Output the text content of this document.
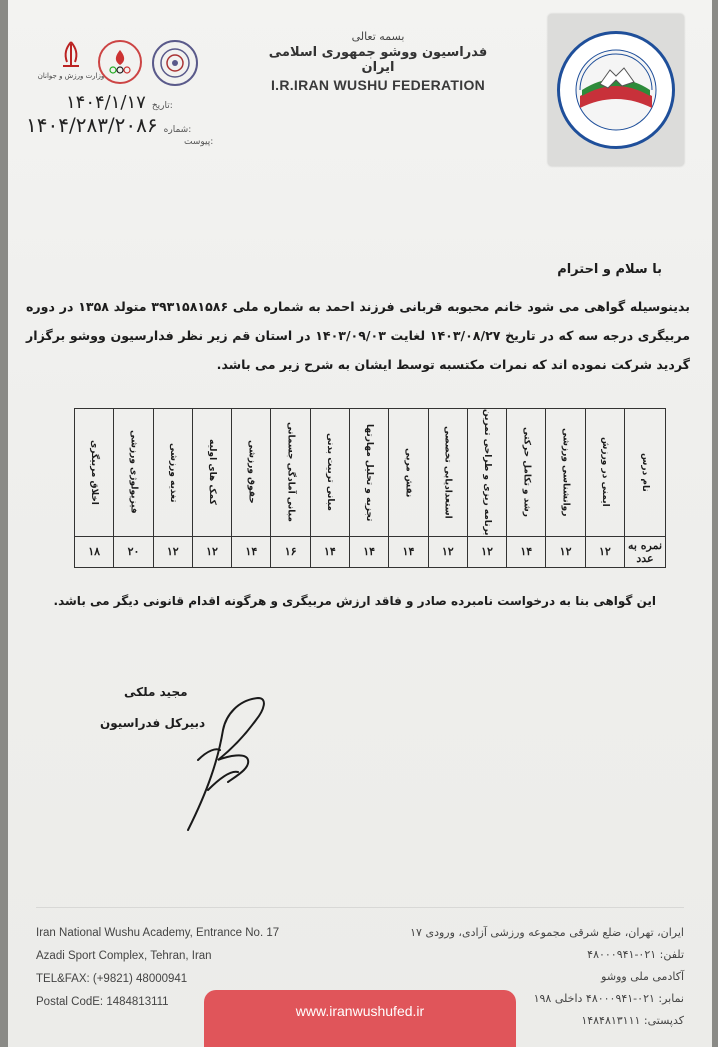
وزارت ورزش و جوانان
بسمه تعالی
فدراسیون ووشو جمهوری اسلامی ایران
I.R.IRAN WUSHU FEDERATION
۱۴۰۴/۱/۱۷ تاریخ:
۱۴۰۴/۲۸۳/۲۰۸۶ شماره:
پیوست:
با سلام و احترام
بدینوسیله گواهی می شود خانم محبوبه قربانی فرزند احمد به شماره ملی ۳۹۳۱۵۸۱۵۸۶ متولد ۱۳۵۸ در دوره مربیگری درجه سه که در تاریخ ۱۴۰۳/۰۸/۲۷ لغایت ۱۴۰۳/۰۹/۰۳ در استان قم زیر نظر فدارسیون ووشو برگزار گردید شرکت نموده اند که نمرات مکتسبه توسط ایشان به شرح زیر می باشد.
نام درس	ایمنی در ورزش	روانشناسی ورزشی	رشد و تکامل حرکتی	برنامه ریزی و طراحی تمرین	استعدادیابی تخصصی	نقش مربی	تجزیه و تحلیل مهارتها	مبانی تربیت بدنی	مبانی آمادگی جسمانی	حقوق ورزشی	کمک های اولیه	تغذیه ورزشی	فیزیولوژی ورزشی	اخلاق مربیگری

نمره به عدد	۱۲	۱۲	۱۴	۱۲	۱۲	۱۴	۱۴	۱۴	۱۶	۱۴	۱۲	۱۲	۲۰	۱۸
این گواهی بنا به درخواست نامبرده صادر و فاقد ارزش مربیگری و هرگونه اقدام قانونی دیگر می باشد.
مجید ملکی
دبیرکل فدراسیون
Iran National Wushu Academy, Entrance No. 17
Azadi Sport Complex, Tehran, Iran
TEL&FAX: (+9821) 48000941
Postal CodE: 1484813111
ایران، تهران، ضلع شرقی مجموعه ورزشی آزادی، ورودی ۱۷
تلفن: ۰۲۱-۴۸۰۰۰۹۴۱
آکادمی ملی ووشو
نمابر: ۰۲۱-۴۸۰۰۰۹۴۱ داخلی ۱۹۸
کدپستی: ۱۴۸۴۸۱۳۱۱۱
www.iranwushufed.ir
